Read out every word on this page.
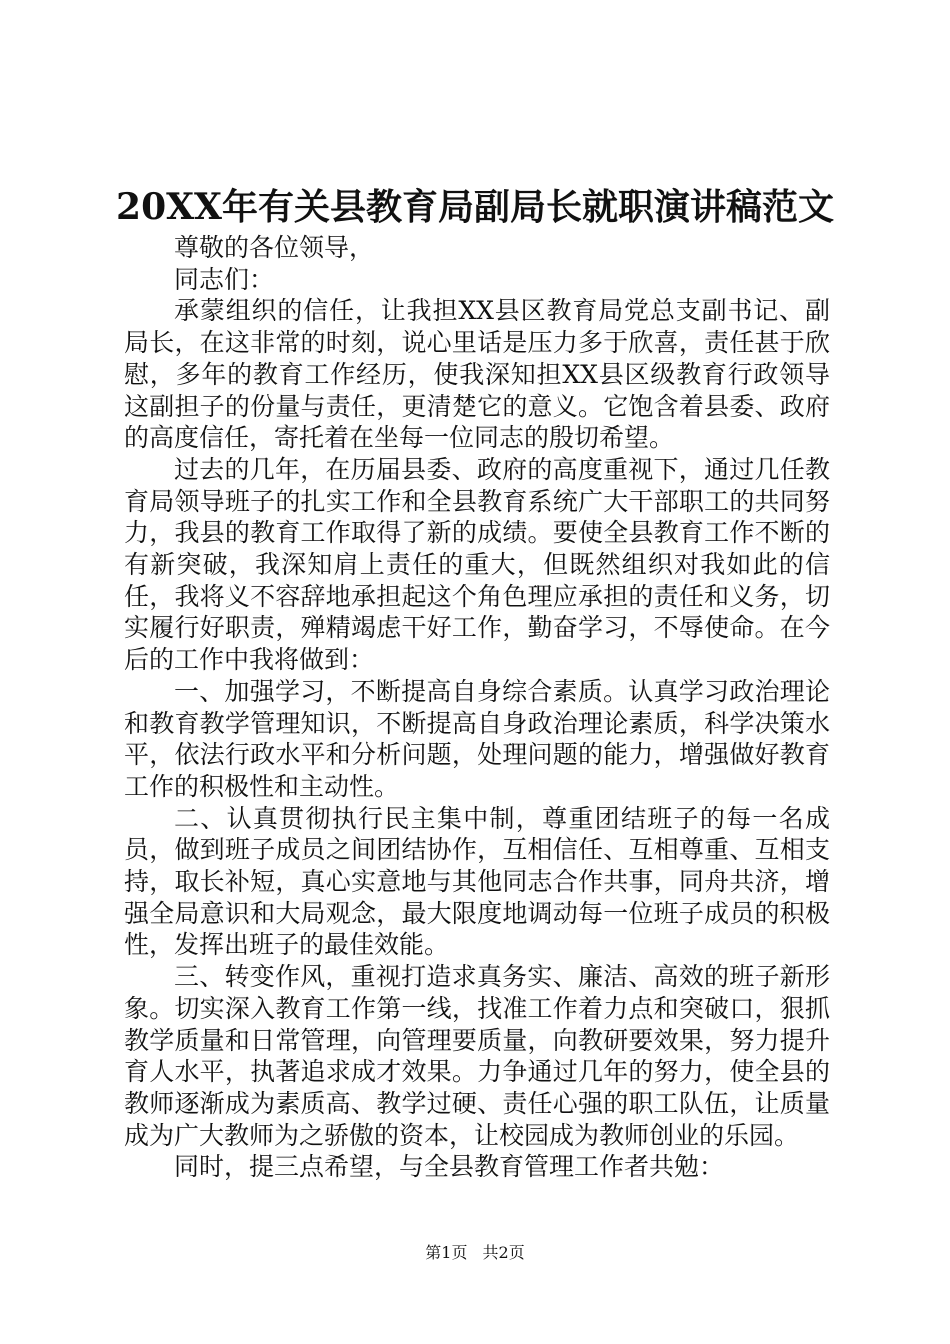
20XX年有关县教育局副局长就职演讲稿范文

尊敬的各位领导，

同志们：

承蒙组织的信任，让我担XX县区教育局党总支副书记、副局长，在这非常的时刻，说心里话是压力多于欣喜，责任甚于欣慰，多年的教育工作经历，使我深知担XX县区级教育行政领导这副担子的份量与责任，更清楚它的意义。它饱含着县委、政府的高度信任，寄托着在坐每一位同志的殷切希望。

过去的几年，在历届县委、政府的高度重视下，通过几任教育局领导班子的扎实工作和全县教育系统广大干部职工的共同努力，我县的教育工作取得了新的成绩。要使全县教育工作不断的有新突破，我深知肩上责任的重大，但既然组织对我如此的信任，我将义不容辞地承担起这个角色理应承担的责任和义务，切实履行好职责，殚精竭虑干好工作，勤奋学习，不辱使命。在今后的工作中我将做到：

一、加强学习，不断提高自身综合素质。认真学习政治理论和教育教学管理知识，不断提高自身政治理论素质，科学决策水平，依法行政水平和分析问题，处理问题的能力，增强做好教育工作的积极性和主动性。

二、认真贯彻执行民主集中制，尊重团结班子的每一名成员，做到班子成员之间团结协作，互相信任、互相尊重、互相支持，取长补短，真心实意地与其他同志合作共事，同舟共济，增强全局意识和大局观念，最大限度地调动每一位班子成员的积极性，发挥出班子的最佳效能。

三、转变作风，重视打造求真务实、廉洁、高效的班子新形象。切实深入教育工作第一线，找准工作着力点和突破口，狠抓教学质量和日常管理，向管理要质量，向教研要效果，努力提升育人水平，执著追求成才效果。力争通过几年的努力，使全县的教师逐渐成为素质高、教学过硬、责任心强的职工队伍，让质量成为广大教师为之骄傲的资本，让校园成为教师创业的乐园。

同时，提三点希望，与全县教育管理工作者共勉：

第1页 共2页
